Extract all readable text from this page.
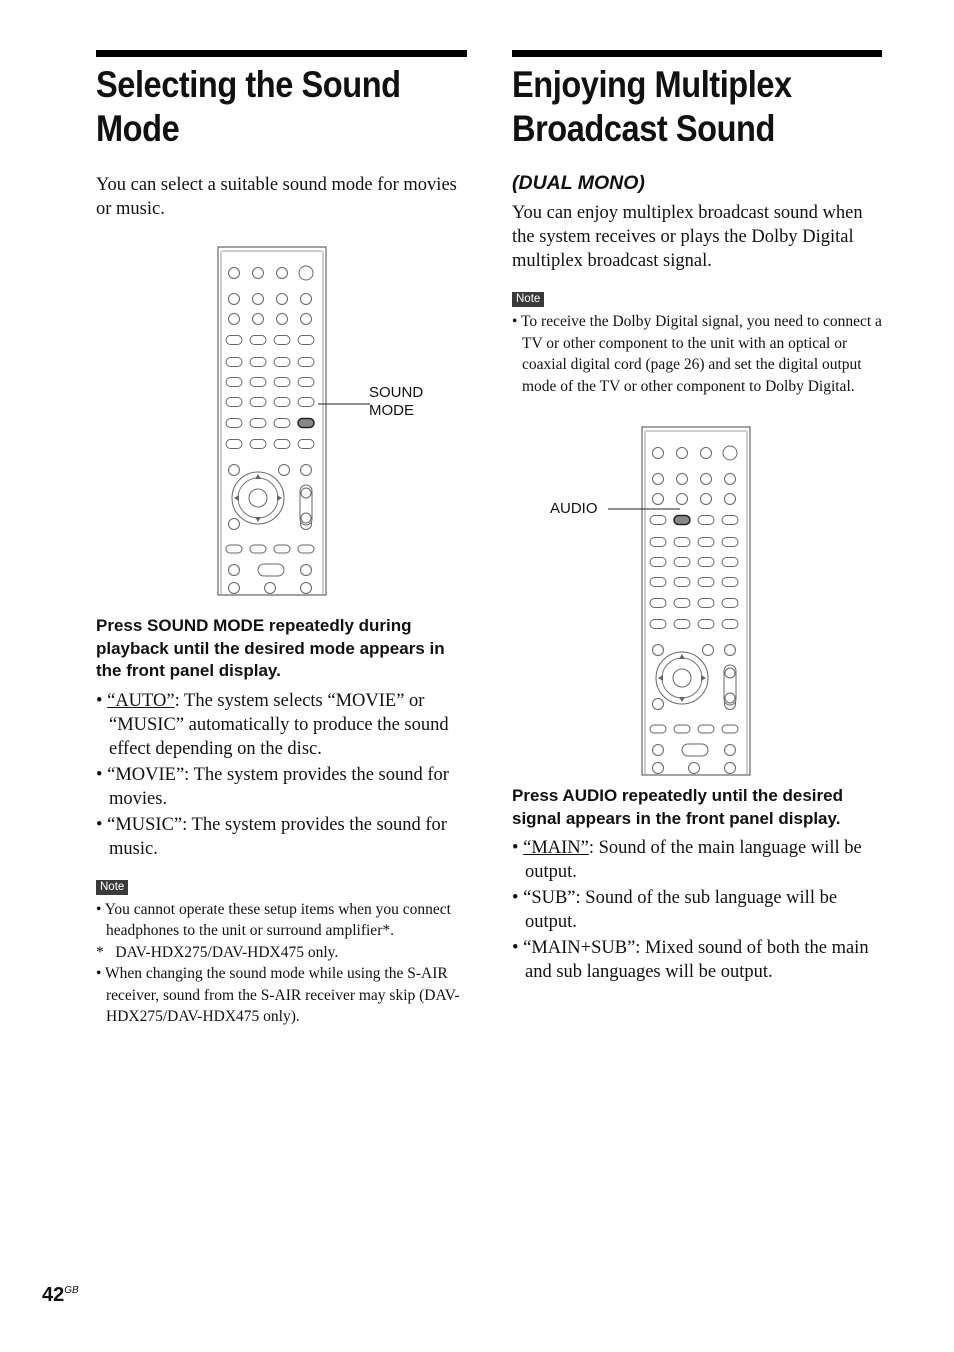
Selecting the Sound Mode

You can select a suitable sound mode for movies or music.

SOUND MODE

Press SOUND MODE repeatedly during playback until the desired mode appears in the front panel display.

• “AUTO”: The system selects “MOVIE” or “MUSIC” automatically to produce the sound effect depending on the disc.
• “MOVIE”: The system provides the sound for movies.
• “MUSIC”: The system provides the sound for music.
Note
• You cannot operate these setup items when you connect headphones to the unit or surround amplifier*.
*   DAV-HDX275/DAV-HDX475 only.
• When changing the sound mode while using the S-AIR receiver, sound from the S-AIR receiver may skip (DAV-HDX275/DAV-HDX475 only).
Enjoying Multiplex Broadcast Sound

(DUAL MONO)

You can enjoy multiplex broadcast sound when the system receives or plays the Dolby Digital multiplex broadcast signal.

Note
• To receive the Dolby Digital signal, you need to connect a TV or other component to the unit with an optical or coaxial digital cord (page 26) and set the digital output mode of the TV or other component to Dolby Digital.
AUDIO

Press AUDIO repeatedly until the desired signal appears in the front panel display.

• “MAIN”: Sound of the main language will be output.
• “SUB”: Sound of the sub language will be output.
• “MAIN+SUB”: Mixed sound of both the main and sub languages will be output.
$42^{GB}$
